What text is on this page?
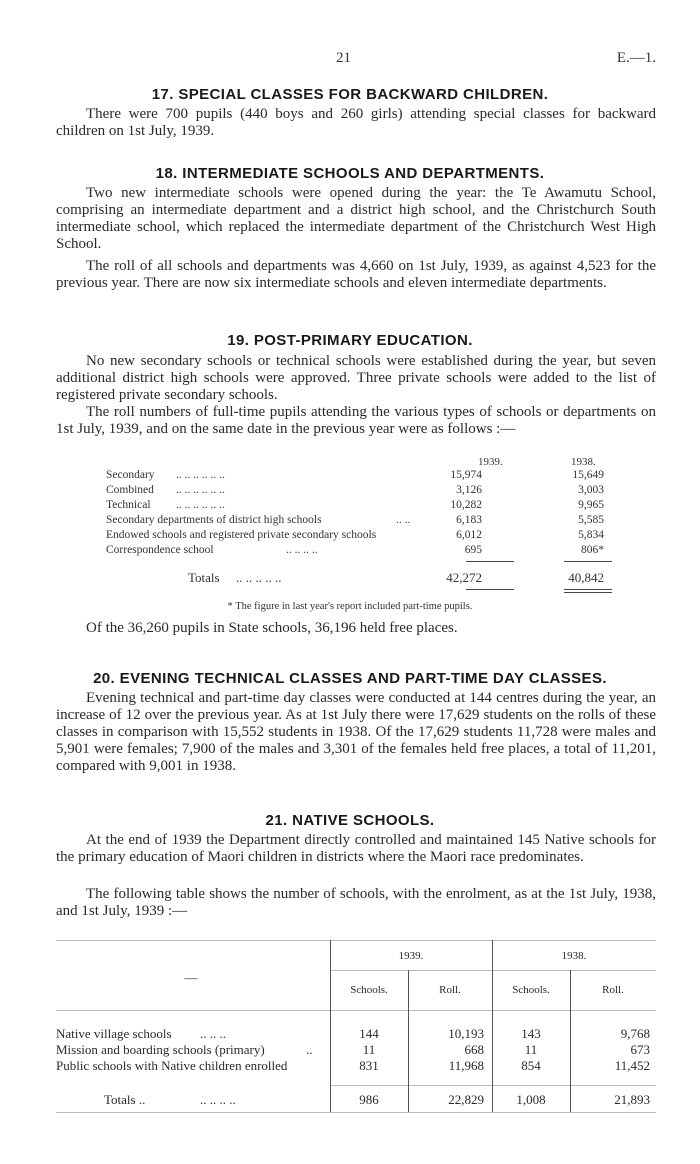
21	E.—1.
17. SPECIAL CLASSES FOR BACKWARD CHILDREN.
There were 700 pupils (440 boys and 260 girls) attending special classes for backward children on 1st July, 1939.
18. INTERMEDIATE SCHOOLS AND DEPARTMENTS.
Two new intermediate schools were opened during the year: the Te Awamutu School, comprising an intermediate department and a district high school, and the Christchurch South intermediate school, which replaced the intermediate department of the Christchurch West High School.
The roll of all schools and departments was 4,660 on 1st July, 1939, as against 4,523 for the previous year. There are now six intermediate schools and eleven intermediate departments.
19. POST-PRIMARY EDUCATION.
No new secondary schools or technical schools were established during the year, but seven additional district high schools were approved. Three private schools were added to the list of registered private secondary schools.
The roll numbers of full-time pupils attending the various types of schools or departments on 1st July, 1939, and on the same date in the previous year were as follows :—
1939.	1938.
Secondary .. .. .. .. .. ..	15,974	15,649
Combined .. .. .. .. .. ..	3,126	3,003
Technical .. .. .. .. .. ..	10,282	9,965
Secondary departments of district high schools	.. ..	6,183	5,585
Endowed schools and registered private secondary schools	6,012	5,834
Correspondence school	.. .. .. ..	695	806*
Totals .. .. .. .. ..	42,272	40,842
* The figure in last year's report included part-time pupils.
Of the 36,260 pupils in State schools, 36,196 held free places.
20. EVENING TECHNICAL CLASSES AND PART-TIME DAY CLASSES.
Evening technical and part-time day classes were conducted at 144 centres during the year, an increase of 12 over the previous year. As at 1st July there were 17,629 students on the rolls of these classes in comparison with 15,552 students in 1938. Of the 17,629 students 11,728 were males and 5,901 were females; 7,900 of the males and 3,301 of the females held free places, a total of 11,201, compared with 9,001 in 1938.
21. NATIVE SCHOOLS.
At the end of 1939 the Department directly controlled and maintained 145 Native schools for the primary education of Maori children in districts where the Maori race predominates.
The following table shows the number of schools, with the enrolment, as at the 1st July, 1938, and 1st July, 1939 :—
—
1939.	1938.
Schools.	Roll.	Schools.	Roll.
Native village schools .. .. ..	144	10,193	143	9,768
Mission and boarding schools (primary)	..	11	668	11	673
Public schools with Native children enrolled	831	11,968	854	11,452
Totals ..	.. .. .. ..	986	22,829	1,008	21,893
